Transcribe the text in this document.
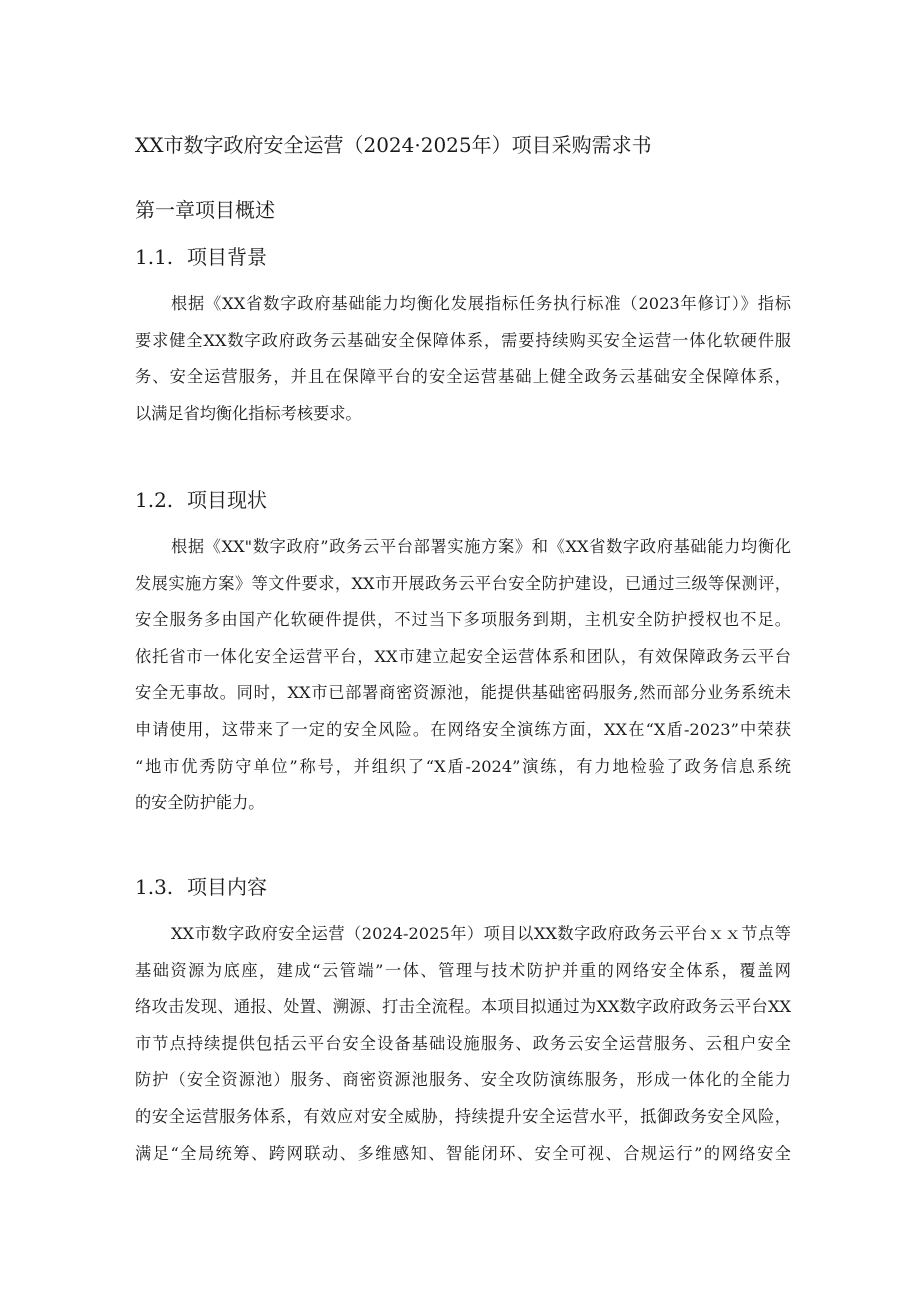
XX市数字政府安全运营（2024·2025年）项目采购需求书
第一章项目概述
1.1. 项目背景
根据《XX省数字政府基础能力均衡化发展指标任务执行标准（2023年修订）》指标
要求健全XX数字政府政务云基础安全保障体系，需要持续购买安全运营一体化软硬件服
务、安全运营服务，并且在保障平台的安全运营基础上健全政务云基础安全保障体系，
以满足省均衡化指标考核要求。
1.2. 项目现状
根据《XX"数字政府”政务云平台部署实施方案》和《XX省数字政府基础能力均衡化
发展实施方案》等文件要求，XX市开展政务云平台安全防护建设，已通过三级等保测评，
安全服务多由国产化软硬件提供，不过当下多项服务到期，主机安全防护授权也不足。
依托省市一体化安全运营平台，XX市建立起安全运营体系和团队，有效保障政务云平台
安全无事故。同时，XX市已部署商密资源池，能提供基础密码服务,然而部分业务系统未
申请使用，这带来了一定的安全风险。在网络安全演练方面，XX在“X盾-2023”中荣获
“地市优秀防守单位”称号，并组织了“X盾-2024”演练，有力地检验了政务信息系统
的安全防护能力。
1.3. 项目内容
XX市数字政府安全运营（2024-2025年）项目以XX数字政府政务云平台ｘｘ节点等
基础资源为底座，建成“云管端”一体、管理与技术防护并重的网络安全体系，覆盖网
络攻击发现、通报、处置、溯源、打击全流程。本项目拟通过为XX数字政府政务云平台XX
市节点持续提供包括云平台安全设备基础设施服务、政务云安全运营服务、云租户安全
防护（安全资源池）服务、商密资源池服务、安全攻防演练服务，形成一体化的全能力
的安全运营服务体系，有效应对安全威胁，持续提升安全运营水平，抵御政务安全风险，
满足“全局统筹、跨网联动、多维感知、智能闭环、安全可视、合规运行”的网络安全
